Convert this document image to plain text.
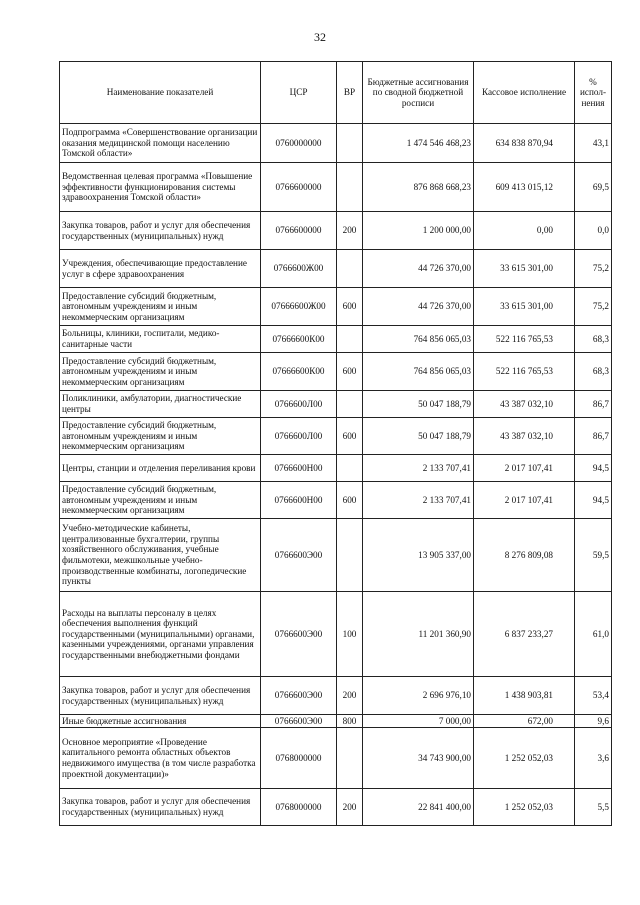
32
Наименование показателей	ЦСР	ВР	Бюджетные ассигнования по сводной бюджетной росписи	Кассовое исполнение	% испол-нения
Подпрограмма «Совершенствование организации оказания медицинской помощи населению Томской области»	0760000000		1 474 546 468,23	634 838 870,94	43,1
Ведомственная целевая программа «Повышение эффективности функционирования системы здравоохранения Томской области»	0766600000		876 868 668,23	609 413 015,12	69,5
Закупка товаров, работ и услуг для обеспечения государственных (муниципальных) нужд	0766600000	200	1 200 000,00	0,00	0,0
Учреждения, обеспечивающие предоставление услуг в сфере здравоохранения	0766600Ж00		44 726 370,00	33 615 301,00	75,2
Предоставление субсидий бюджетным, автономным учреждениям и иным некоммерческим организациям	07666600Ж00	600	44 726 370,00	33 615 301,00	75,2
Больницы, клиники, госпитали, медико-санитарные части	07666600К00		764 856 065,03	522 116 765,53	68,3
Предоставление субсидий бюджетным, автономным учреждениям и иным некоммерческим организациям	07666600К00	600	764 856 065,03	522 116 765,53	68,3
Поликлиники, амбулатории, диагностические центры	0766600Л00		50 047 188,79	43 387 032,10	86,7
Предоставление субсидий бюджетным, автономным учреждениям и иным некоммерческим организациям	0766600Л00	600	50 047 188,79	43 387 032,10	86,7
Центры, станции и отделения переливания крови	0766600Н00		2 133 707,41	2 017 107,41	94,5
Предоставление субсидий бюджетным, автономным учреждениям и иным некоммерческим организациям	0766600Н00	600	2 133 707,41	2 017 107,41	94,5
Учебно-методические кабинеты, централизованные бухгалтерии, группы хозяйственного обслуживания, учебные фильмотеки, межшкольные учебно-производственные комбинаты, логопедические пункты	0766600Э00		13 905 337,00	8 276 809,08	59,5
Расходы на выплаты персоналу в целях обеспечения выполнения функций государственными (муниципальными) органами, казенными учреждениями, органами управления государственными внебюджетными фондами	0766600Э00	100	11 201 360,90	6 837 233,27	61,0
Закупка товаров, работ и услуг для обеспечения государственных (муниципальных) нужд	0766600Э00	200	2 696 976,10	1 438 903,81	53,4
Иные бюджетные ассигнования	0766600Э00	800	7 000,00	672,00	9,6
Основное мероприятие «Проведение капитального ремонта областных объектов недвижимого имущества (в том числе разработка проектной документации)»	0768000000		34 743 900,00	1 252 052,03	3,6
Закупка товаров, работ и услуг для обеспечения государственных (муниципальных) нужд	0768000000	200	22 841 400,00	1 252 052,03	5,5
